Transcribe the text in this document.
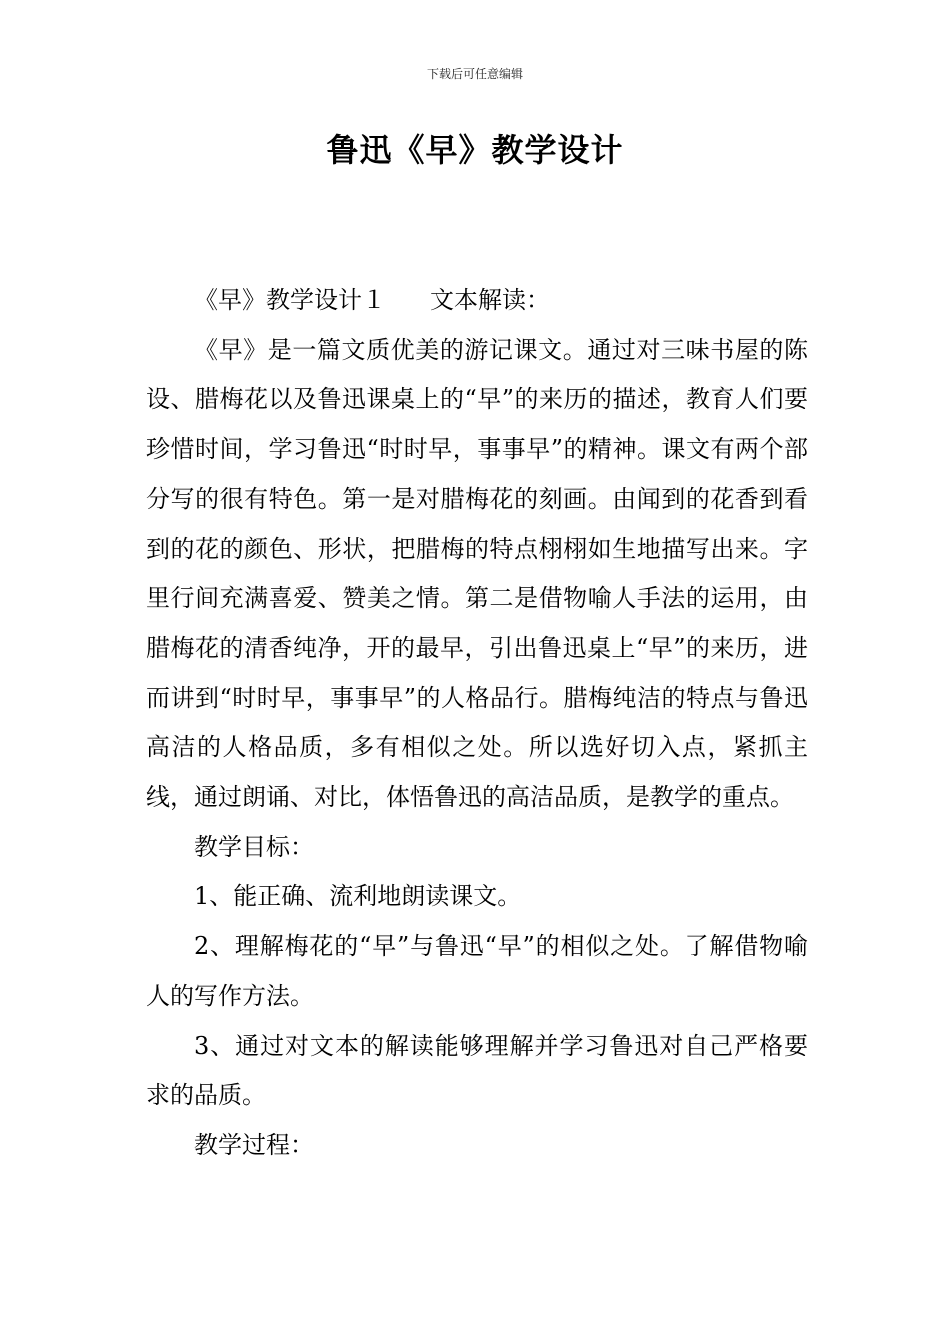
下载后可任意编辑
鲁迅《早》教学设计

《早》教学设计１ 文本解读：

《早》是一篇文质优美的游记课文。通过对三味书屋的陈设、腊梅花以及鲁迅课桌上的“早”的来历的描述，教育人们要珍惜时间，学习鲁迅“时时早，事事早”的精神。课文有两个部分写的很有特色。第一是对腊梅花的刻画。由闻到的花香到看到的花的颜色、形状，把腊梅的特点栩栩如生地描写出来。字里行间充满喜爱、赞美之情。第二是借物喻人手法的运用，由腊梅花的清香纯净，开的最早，引出鲁迅桌上“早”的来历，进而讲到“时时早，事事早”的人格品行。腊梅纯洁的特点与鲁迅高洁的人格品质，多有相似之处。所以选好切入点，紧抓主线，通过朗诵、对比，体悟鲁迅的高洁品质，是教学的重点。

教学目标：

1、能正确、流利地朗读课文。

2、理解梅花的“早”与鲁迅“早”的相似之处。了解借物喻人的写作方法。

3、通过对文本的解读能够理解并学习鲁迅对自己严格要求的品质。

教学过程：
